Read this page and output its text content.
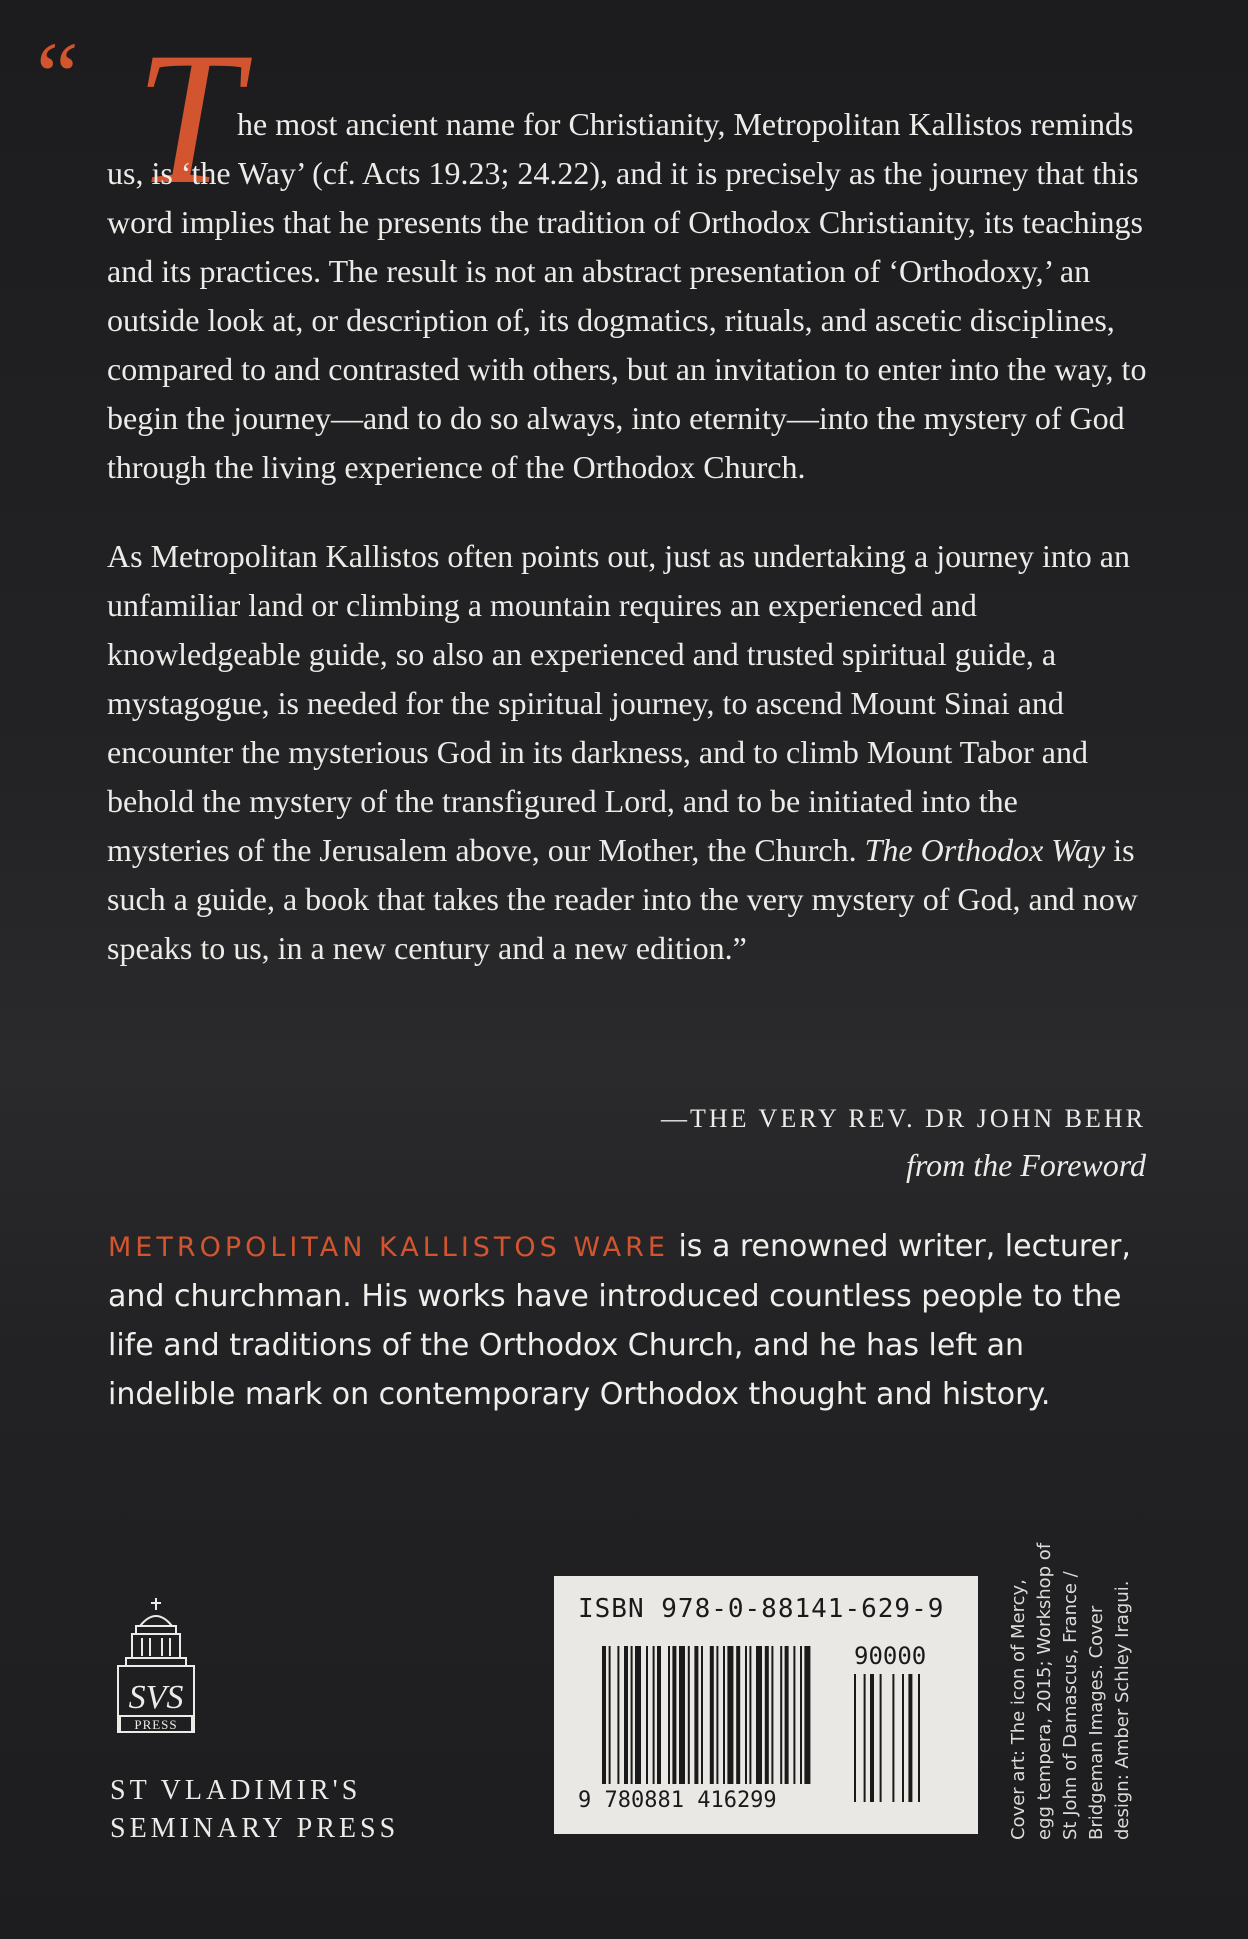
“ T

he most ancient name for Christianity, Metropolitan Kallistos reminds us, is ‘the Way’ (cf. Acts 19.23; 24.22), and it is precisely as the journey that this word implies that he presents the tradition of Orthodox Christianity, its teachings and its practices. The result is not an abstract presentation of ‘Orthodoxy,’ an outside look at, or description of, its dogmatics, rituals, and ascetic disciplines, compared to and contrasted with others, but an invitation to enter into the way, to begin the journey—and to do so always, into eternity—into the mystery of God through the living experience of the Orthodox Church.

As Metropolitan Kallistos often points out, just as undertaking a journey into an unfamiliar land or climbing a mountain requires an experienced and knowledgeable guide, so also an experienced and trusted spiritual guide, a mystagogue, is needed for the spiritual journey, to ascend Mount Sinai and encounter the mysterious God in its darkness, and to climb Mount Tabor and behold the mystery of the transfigured Lord, and to be initiated into the mysteries of the Jerusalem above, our Mother, the Church. The Orthodox Way is such a guide, a book that takes the reader into the very mystery of God, and now speaks to us, in a new century and a new edition.”

—THE VERY REV. DR JOHN BEHR
from the Foreword
METROPOLITAN KALLISTOS WARE is a renowned writer, lecturer, and churchman. His works have introduced countless people to the life and traditions of the Orthodox Church, and he has left an indelible mark on contemporary Orthodox thought and history.
SVS
PRESS
ST VLADIMIR'S
SEMINARY PRESS
ISBN 978-0-88141-629-9
90000
9 780881 416299	Cover art: The icon of Mercy, egg tempera, 2015; Workshop of St John of Damascus, France / Bridgeman Images. Cover design: Amber Schley Iragui.
